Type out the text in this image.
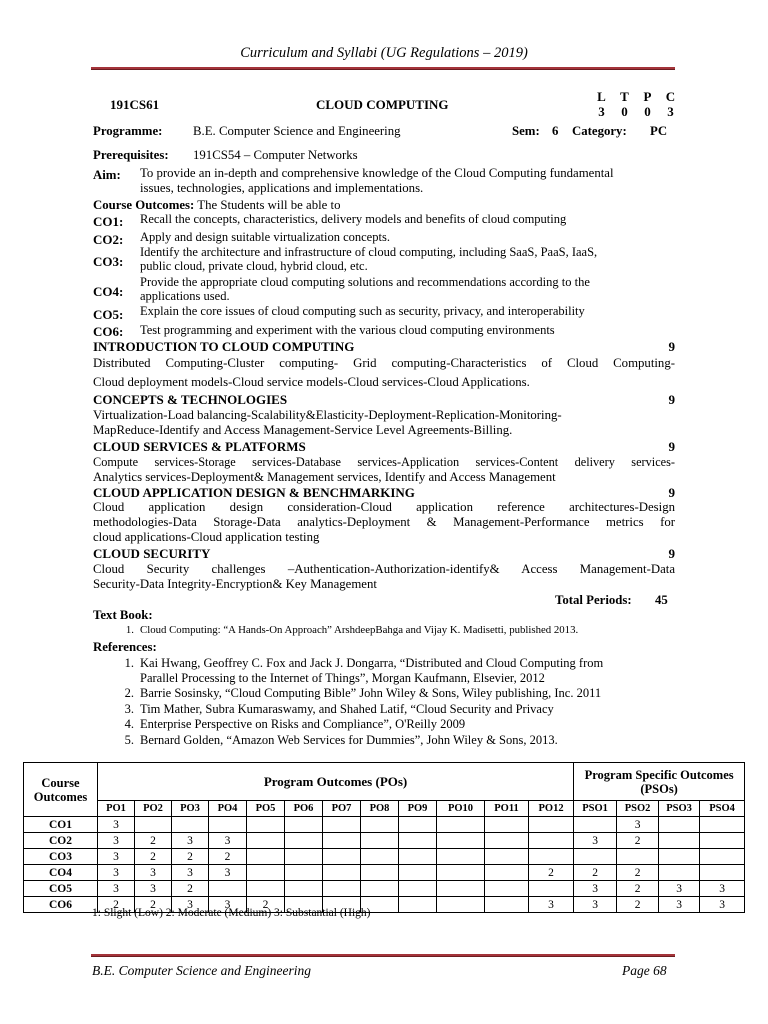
Curriculum and Syllabi (UG Regulations – 2019)
191CS61	CLOUD COMPUTING
L T P C
3 0 0 3
Programme: B.E. Computer Science and Engineering	Sem: 6 Category: PC
Prerequisites: 191CS54 – Computer Networks
Aim: To provide an in-depth and comprehensive knowledge of the Cloud Computing fundamental
issues, technologies, applications and implementations.
Course Outcomes: The Students will be able to
CO1: Recall the concepts, characteristics, delivery models and benefits of cloud computing
CO2: Apply and design suitable virtualization concepts.
CO3:
Identify the architecture and infrastructure of cloud computing, including SaaS, PaaS, IaaS,
public cloud, private cloud, hybrid cloud, etc.
CO4:
Provide the appropriate cloud computing solutions and recommendations according to the
applications used.
CO5: Explain the core issues of cloud computing such as security, privacy, and interoperability
CO6: Test programming and experiment with the various cloud computing environments
INTRODUCTION TO CLOUD COMPUTING	9
Distributed Computing-Cluster computing- Grid computing-Characteristics of Cloud Computing-
Cloud deployment models-Cloud service models-Cloud services-Cloud Applications.
CONCEPTS & TECHNOLOGIES	9
Virtualization-Load balancing-Scalability&Elasticity-Deployment-Replication-Monitoring-
MapReduce-Identify and Access Management-Service Level Agreements-Billing.
CLOUD SERVICES & PLATFORMS	9
Compute services-Storage services-Database services-Application services-Content delivery services-
Analytics services-Deployment& Management services, Identify and Access Management
CLOUD APPLICATION DESIGN & BENCHMARKING	9
Cloud application design consideration-Cloud application reference architectures-Design
methodologies-Data Storage-Data analytics-Deployment & Management-Performance metrics for
cloud applications-Cloud application testing
CLOUD SECURITY	9
Cloud Security challenges –Authentication-Authorization-identify& Access Management-Data
Security-Data Integrity-Encryption& Key Management
Total Periods: 45
Text Book:
1. Cloud Computing: “A Hands-On Approach” ArshdeepBahga and Vijay K. Madisetti, published 2013.
References:
1. Kai Hwang, Geoffrey C. Fox and Jack J. Dongarra, “Distributed and Cloud Computing from
Parallel Processing to the Internet of Things”, Morgan Kaufmann, Elsevier, 2012
2. Barrie Sosinsky, “Cloud Computing Bible” John Wiley & Sons, Wiley publishing, Inc. 2011
3. Tim Mather, Subra Kumaraswamy, and Shahed Latif, “Cloud Security and Privacy
4. Enterprise Perspective on Risks and Compliance”, O'Reilly 2009
5. Bernard Golden, “Amazon Web Services for Dummies”, John Wiley & Sons, 2013.
Course Outcomes	Program Outcomes (POs)												Program Specific Outcomes (PSOs)			
	PO1	PO2	PO3	PO4	PO5	PO6	PO7	PO8	PO9	PO10	PO11	PO12	PSO1	PSO2	PSO3	PSO4
CO1	3													3		
CO2	3	2	3	3									3	2		
CO3	3	2	2	2												
CO4	3	3	3	3								2	2	2		
CO5	3	3	2										3	2	3	3
CO6	2	2	3	3	2							3	3	2	3	3
1: Slight (Low) 2: Moderate (Medium) 3: Substantial (High)
B.E. Computer Science and Engineering	Page 68
